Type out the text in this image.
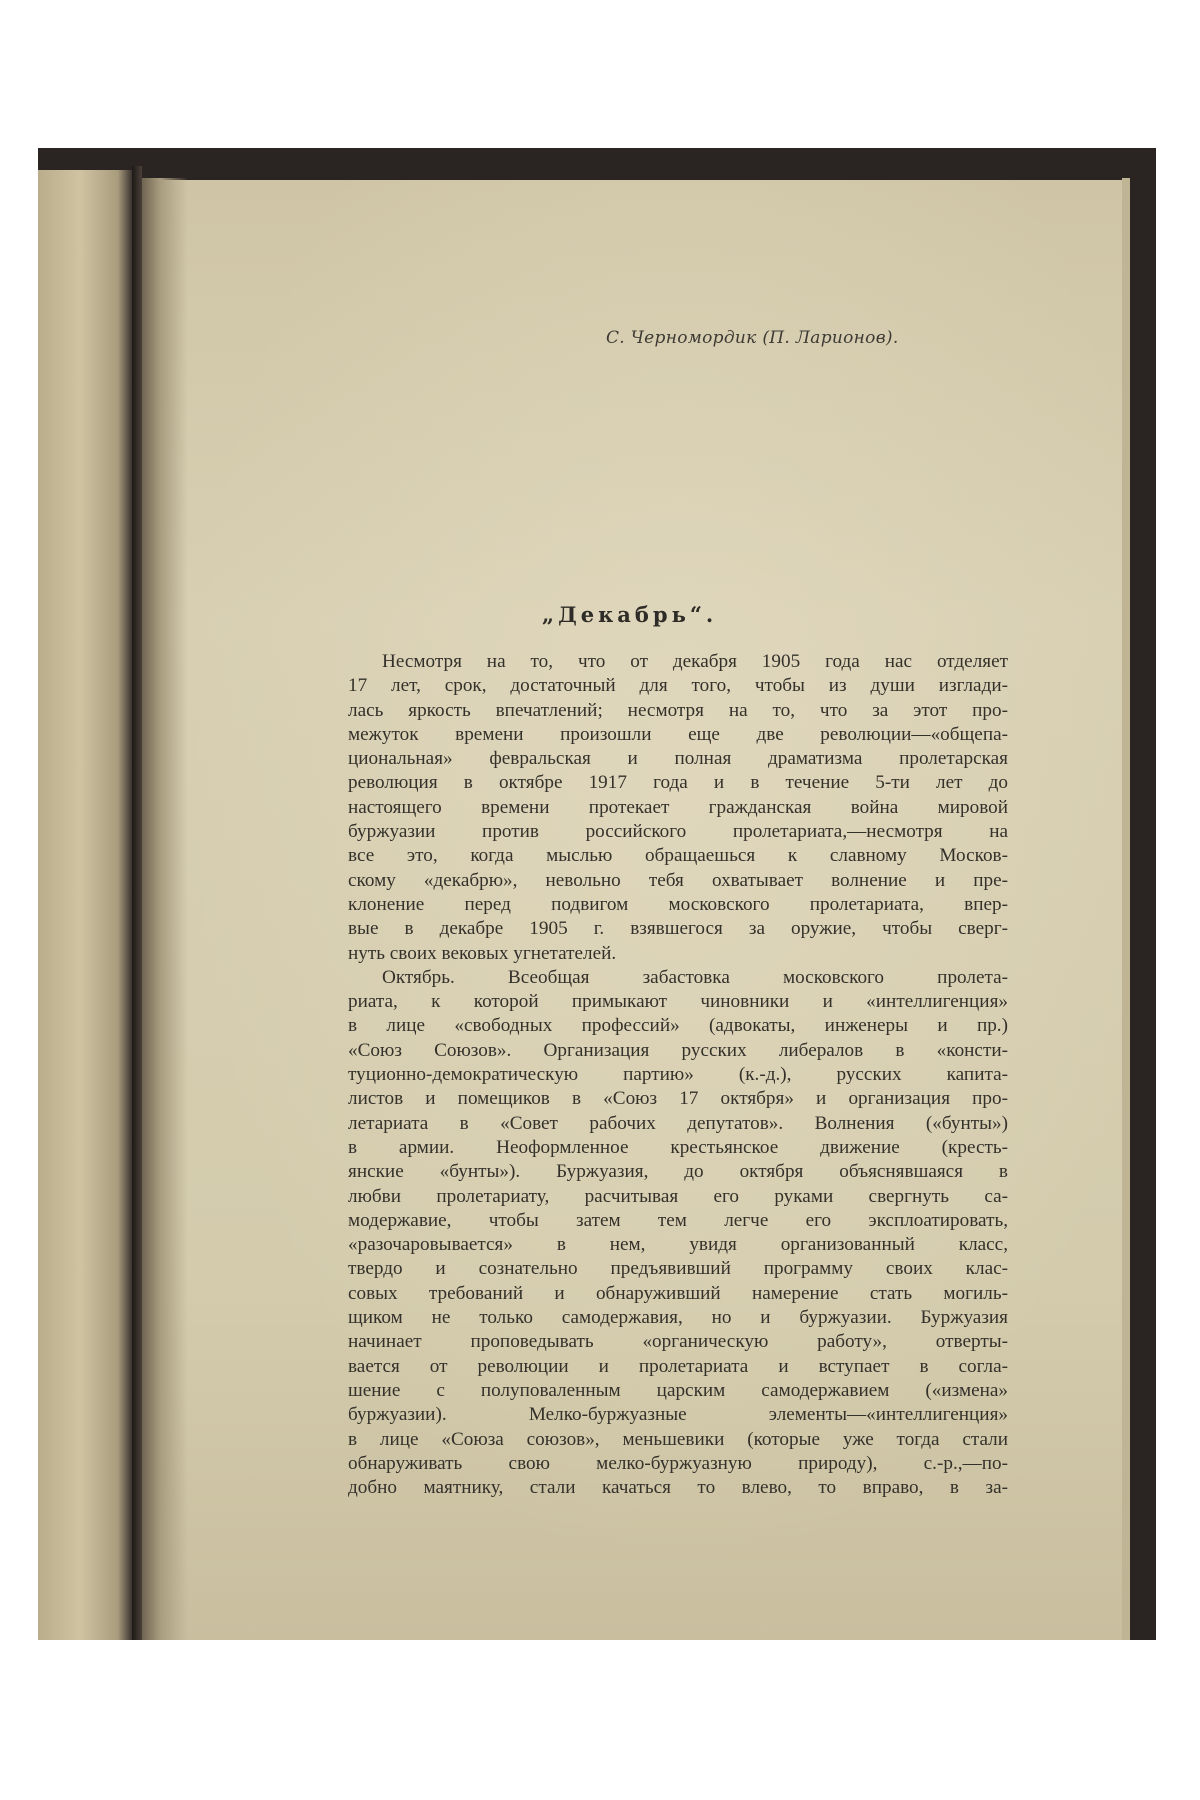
С. Черномордик (П. Ларионов).
„Декабрь“.
Несмотря на то, что от декабря 1905 года нас отделяет
17 лет, срок, достаточный для того, чтобы из души изглади-
лась яркость впечатлений; несмотря на то, что за этот про-
межуток времени произошли еще две революции—«общепа-
циональная» февральская и полная драматизма пролетарская
революция в октябре 1917 года и в течение 5-ти лет до
настоящего времени протекает гражданская война мировой
буржуазии против российского пролетариата,—несмотря на
все это, когда мыслью обращаешься к славному Москов-
скому «декабрю», невольно тебя охватывает волнение и пре-
клонение перед подвигом московского пролетариата, впер-
вые в декабре 1905 г. взявшегося за оружие, чтобы сверг-
нуть своих вековых угнетателей.
Октябрь. Всеобщая забастовка московского пролета-
риата, к которой примыкают чиновники и «интеллигенция»
в лице «свободных профессий» (адвокаты, инженеры и пр.)
«Союз Союзов». Организация русских либералов в «консти-
туционно-демократическую партию» (к.-д.), русских капита-
листов и помещиков в «Союз 17 октября» и организация про-
летариата в «Совет рабочих депутатов». Волнения («бунты»)
в армии. Неоформленное крестьянское движение (кресть-
янские «бунты»). Буржуазия, до октября объяснявшаяся в
любви пролетариату, расчитывая его руками свергнуть са-
модержавие, чтобы затем тем легче его эксплоатировать,
«разочаровывается» в нем, увидя организованный класс,
твердо и сознательно предъявивший программу своих клас-
совых требований и обнаруживший намерение стать могиль-
щиком не только самодержавия, но и буржуазии. Буржуазия
начинает проповедывать «органическую работу», отверты-
вается от революции и пролетариата и вступает в согла-
шение с полуповаленным царским самодержавием («измена»
буржуазии). Мелко-буржуазные элементы—«интеллигенция»
в лице «Союза союзов», меньшевики (которые уже тогда стали
обнаруживать свою мелко-буржуазную природу), с.-р.,—по-
добно маятнику, стали качаться то влево, то вправо, в за-
